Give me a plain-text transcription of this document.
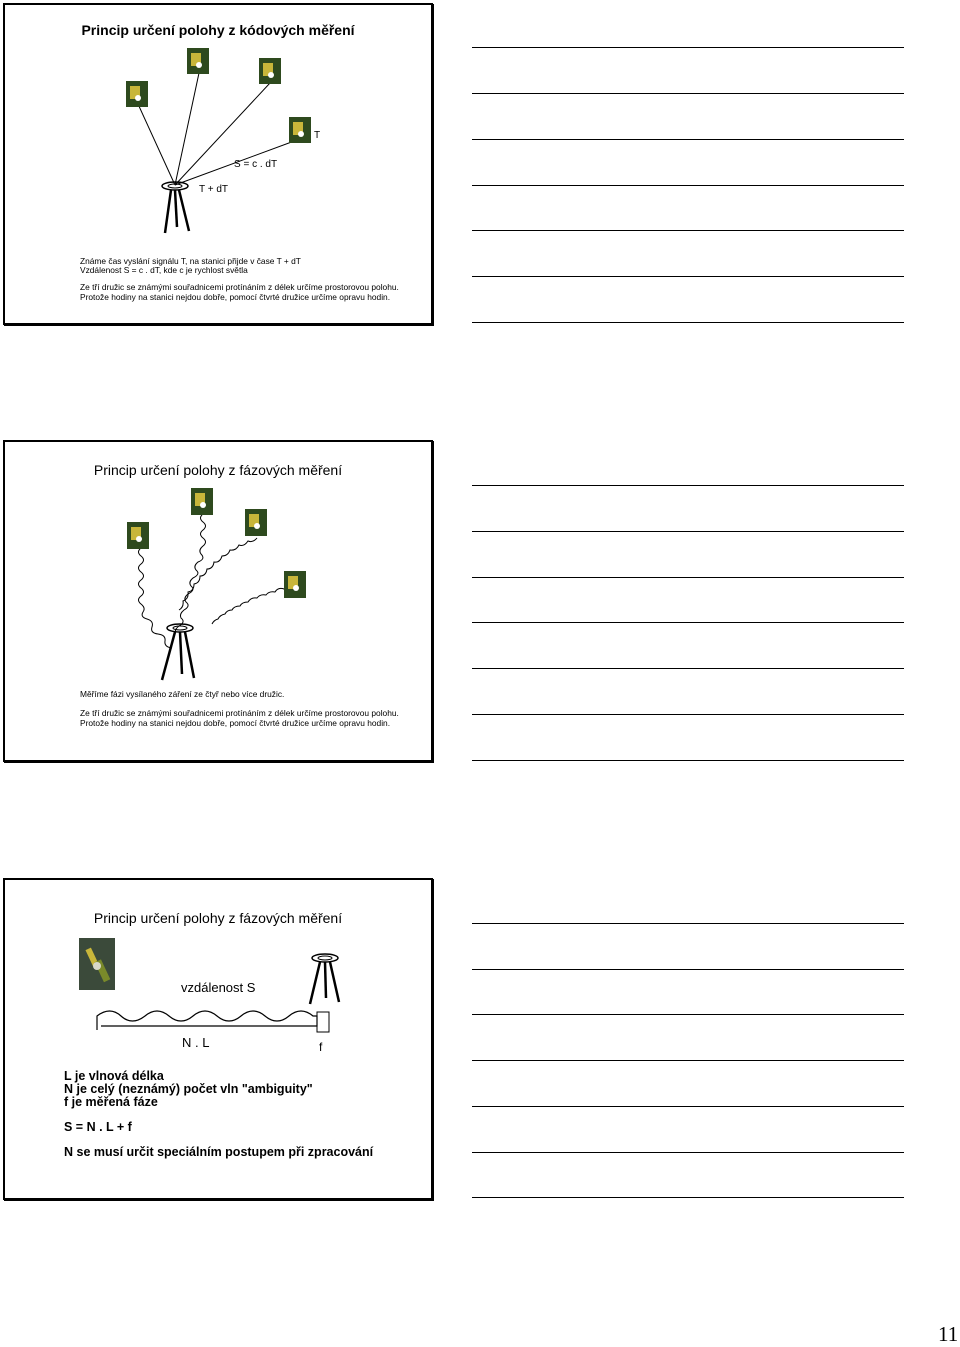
Princip určení polohy z kódových měření
T
S = c . dT
T + dT
Známe čas vyslání signálu T, na stanici přijde v čase T + dT
Vzdálenost S = c . dT, kde c je rychlost světla
Ze tří družic se známými souřadnicemi protínáním z délek určíme prostorovou polohu. Protože hodiny na stanici nejdou dobře, pomocí čtvrté družice určíme opravu hodin.
Princip určení polohy z fázových měření
Měříme fázi vysílaného záření ze čtyř nebo více družic.
Ze tří družic se známými souřadnicemi protínáním z délek určíme prostorovou polohu. Protože hodiny na stanici nejdou dobře, pomocí čtvrté družice určíme opravu hodin.
Princip určení polohy z fázových měření
vzdálenost S
N . L	f
L je vlnová délka
N je celý (neznámý) počet vln "ambiguity"
f je měřená fáze
S = N . L + f
N se musí určit speciálním postupem při zpracování
11
